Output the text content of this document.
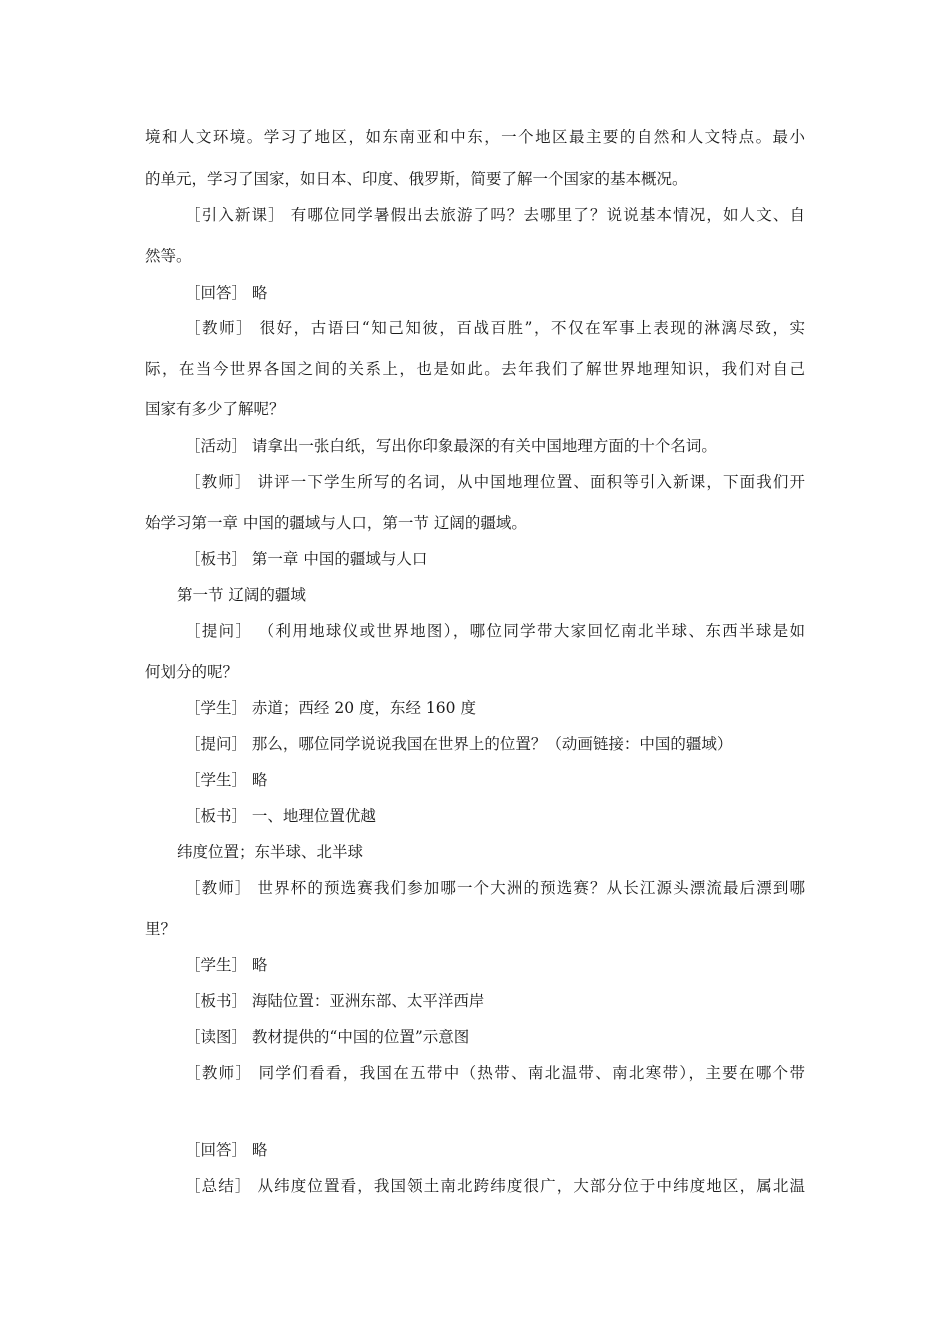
境和人文环境。学习了地区，如东南亚和中东，一个地区最主要的自然和人文特点。最小
的单元，学习了国家，如日本、印度、俄罗斯，简要了解一个国家的基本概况。
［引入新课］ 有哪位同学暑假出去旅游了吗？去哪里了？说说基本情况，如人文、自
然等。
［回答］ 略
［教师］ 很好，古语曰“知己知彼，百战百胜”，不仅在军事上表现的淋漓尽致，实
际，在当今世界各国之间的关系上，也是如此。去年我们了解世界地理知识，我们对自己
国家有多少了解呢？
［活动］ 请拿出一张白纸，写出你印象最深的有关中国地理方面的十个名词。
［教师］ 讲评一下学生所写的名词，从中国地理位置、面积等引入新课，下面我们开
始学习第一章 中国的疆域与人口，第一节 辽阔的疆域。
［板书］ 第一章 中国的疆域与人口
第一节 辽阔的疆域
［提问］ （利用地球仪或世界地图），哪位同学带大家回忆南北半球、东西半球是如
何划分的呢？
［学生］ 赤道；西经 20 度，东经 160 度
［提问］ 那么，哪位同学说说我国在世界上的位置？（动画链接：中国的疆域）
［学生］ 略
［板书］ 一、地理位置优越
纬度位置；东半球、北半球
［教师］ 世界杯的预选赛我们参加哪一个大洲的预选赛？从长江源头漂流最后漂到哪
里？
［学生］ 略
［板书］ 海陆位置：亚洲东部、太平洋西岸
［读图］ 教材提供的“中国的位置”示意图
［教师］ 同学们看看，我国在五带中（热带、南北温带、南北寒带），主要在哪个带
［回答］ 略
［总结］ 从纬度位置看，我国领土南北跨纬度很广，大部分位于中纬度地区，属北温
